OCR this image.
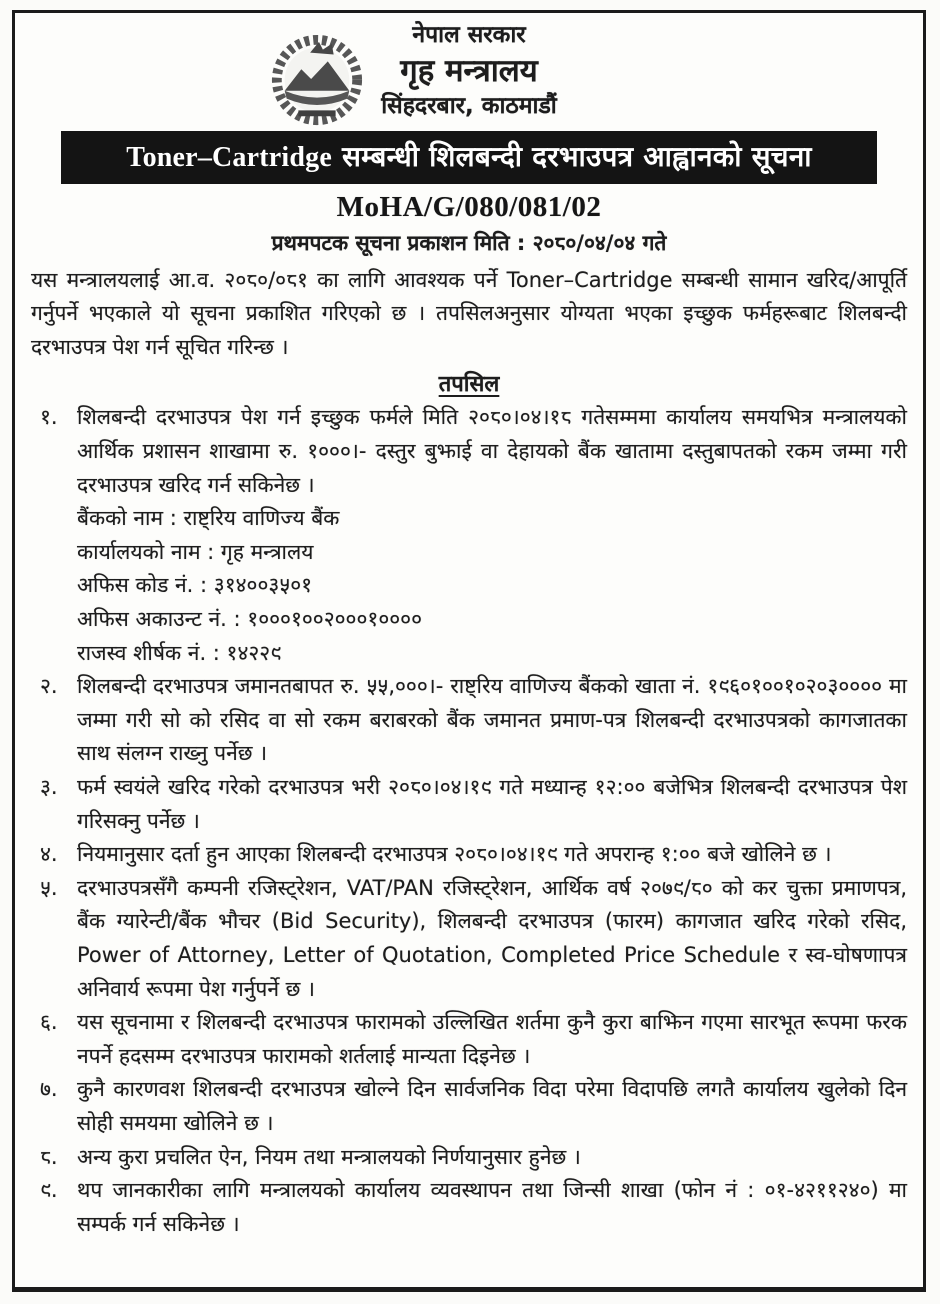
नेपाल सरकार
गृह मन्त्रालय
सिंहदरबार, काठमाडौं
Toner–Cartridge सम्बन्धी शिलबन्दी दरभाउपत्र आह्वानको सूचना
MoHA/G/080/081/02
प्रथमपटक सूचना प्रकाशन मिति : २०८०/०४/०४ गते

यस मन्त्रालयलाई आ.व. २०८०/०८१ का लागि आवश्यक पर्ने Toner–Cartridge सम्बन्धी सामान खरिद/आपूर्ति गर्नुपर्ने भएकाले यो सूचना प्रकाशित गरिएको छ । तपसिलअनुसार योग्यता भएका इच्छुक फर्महरूबाट शिलबन्दी दरभाउपत्र पेश गर्न सूचित गरिन्छ ।

तपसिल
१. शिलबन्दी दरभाउपत्र पेश गर्न इच्छुक फर्मले मिति २०८०।०४।१८ गतेसम्ममा कार्यालय समयभित्र मन्त्रालयको आर्थिक प्रशासन शाखामा रु. १०००।- दस्तुर बुझाई वा देहायको बैंक खातामा दस्तुबापतको रकम जम्मा गरी दरभाउपत्र खरिद गर्न सकिनेछ ।
बैंकको नाम : राष्ट्रिय वाणिज्य बैंक
कार्यालयको नाम : गृह मन्त्रालय
अफिस कोड नं. : ३१४००३५०१
अफिस अकाउन्ट नं. : १०००१००२०००१००००
राजस्व शीर्षक नं. : १४२२९
२. शिलबन्दी दरभाउपत्र जमानतबापत रु. ५५,०००।- राष्ट्रिय वाणिज्य बैंकको खाता नं. १९६०१००१०२०३०००० मा जम्मा गरी सो को रसिद वा सो रकम बराबरको बैंक जमानत प्रमाण-पत्र शिलबन्दी दरभाउपत्रको कागजातका साथ संलग्न राख्नु पर्नेछ ।
३. फर्म स्वयंले खरिद गरेको दरभाउपत्र भरी २०८०।०४।१९ गते मध्यान्ह १२:०० बजेभित्र शिलबन्दी दरभाउपत्र पेश गरिसक्नु पर्नेछ ।
४. नियमानुसार दर्ता हुन आएका शिलबन्दी दरभाउपत्र २०८०।०४।१९ गते अपरान्ह १:०० बजे खोलिने छ ।
५. दरभाउपत्रसँगै कम्पनी रजिस्ट्रेशन, VAT/PAN रजिस्ट्रेशन, आर्थिक वर्ष २०७९/८० को कर चुक्ता प्रमाणपत्र, बैंक ग्यारेन्टी/बैंक भौचर (Bid Security), शिलबन्दी दरभाउपत्र (फारम) कागजात खरिद गरेको रसिद, Power of Attorney, Letter of Quotation, Completed Price Schedule र स्व-घोषणापत्र अनिवार्य रूपमा पेश गर्नुपर्ने छ ।
६. यस सूचनामा र शिलबन्दी दरभाउपत्र फारामको उल्लिखित शर्तमा कुनै कुरा बाझिन गएमा सारभूत रूपमा फरक नपर्ने हदसम्म दरभाउपत्र फारामको शर्तलाई मान्यता दिइनेछ ।
७. कुनै कारणवश शिलबन्दी दरभाउपत्र खोल्ने दिन सार्वजनिक विदा परेमा विदापछि लगतै कार्यालय खुलेको दिन सोही समयमा खोलिने छ ।
८. अन्य कुरा प्रचलित ऐन, नियम तथा मन्त्रालयको निर्णयानुसार हुनेछ ।
९. थप जानकारीका लागि मन्त्रालयको कार्यालय व्यवस्थापन तथा जिन्सी शाखा (फोन नं : ०१-४२११२४०) मा सम्पर्क गर्न सकिनेछ ।
